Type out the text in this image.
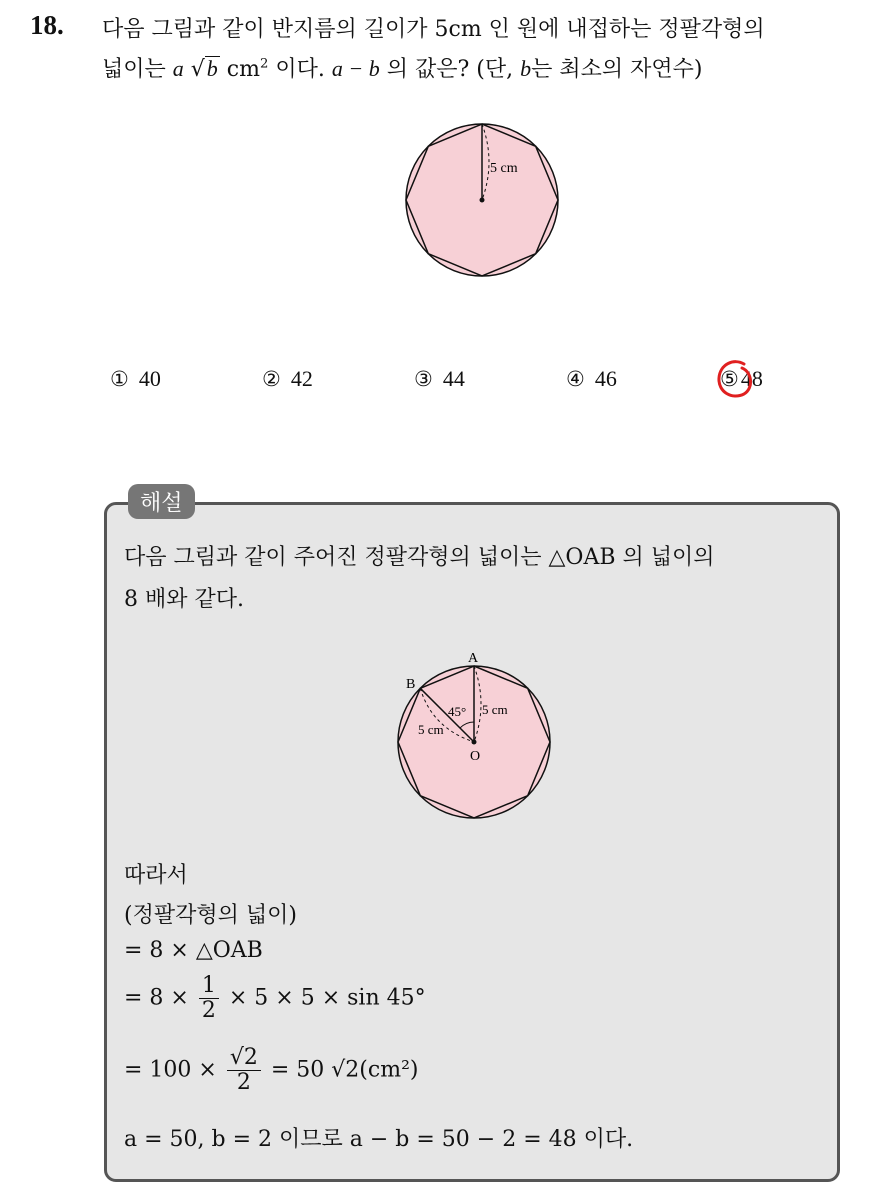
18. 다음 그림과 같이 반지름의 길이가 5cm 인 원에 내접하는 정팔각형의
넓이는 a √b $cm^2$ 이다. a − b 의 값은? (단, b는 최소의 자연수)
5 cm
① 40	② 42	③ 44	④ 46	⑤48
해설
다음 그림과 같이 주어진 정팔각형의 넓이는 △OAB 의 넓이의
8 배와 같다.
A
B
O
45° 5 cm
5 cm
따라서
(정팔각형의 넓이)
= 8 × △OAB
= $8 \times \frac{1}{2} \times 5 \times 5 \times \sin 45^\circ$
= $100 \times \frac{√2}{2} = 50$ √2(cm²)
a = 50, b = 2 이므로 a − b = 50 − 2 = 48 이다.
